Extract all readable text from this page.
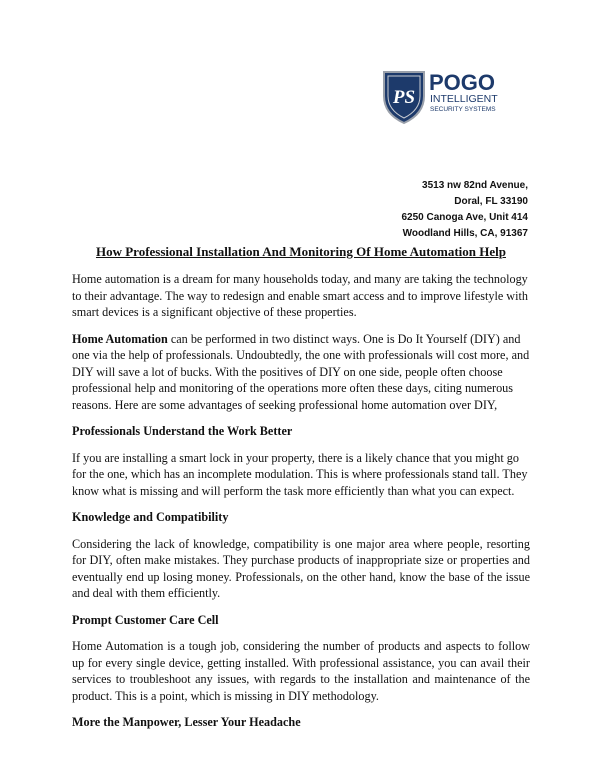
PS
POGO
INTELLIGENT
SECURITY SYSTEMS
3513 nw 82nd Avenue,
Doral, FL 33190
6250 Canoga Ave, Unit 414
Woodland Hills, CA, 91367
How Professional Installation And Monitoring Of Home Automation Help

Home automation is a dream for many households today, and many are taking the technology to their advantage. The way to redesign and enable smart access and to improve lifestyle with smart devices is a significant objective of these properties.

Home Automation can be performed in two distinct ways. One is Do It Yourself (DIY) and one via the help of professionals. Undoubtedly, the one with professionals will cost more, and DIY will save a lot of bucks. With the positives of DIY on one side, people often choose professional help and monitoring of the operations more often these days, citing numerous reasons. Here are some advantages of seeking professional home automation over DIY,

Professionals Understand the Work Better

If you are installing a smart lock in your property, there is a likely chance that you might go for the one, which has an incomplete modulation. This is where professionals stand tall. They know what is missing and will perform the task more efficiently than what you can expect.

Knowledge and Compatibility

Considering the lack of knowledge, compatibility is one major area where people, resorting for DIY, often make mistakes. They purchase products of inappropriate size or properties and eventually end up losing money. Professionals, on the other hand, know the base of the issue and deal with them efficiently.

Prompt Customer Care Cell

Home Automation is a tough job, considering the number of products and aspects to follow up for every single device, getting installed. With professional assistance, you can avail their services to troubleshoot any issues, with regards to the installation and maintenance of the product. This is a point, which is missing in DIY methodology.

More the Manpower, Lesser Your Headache
